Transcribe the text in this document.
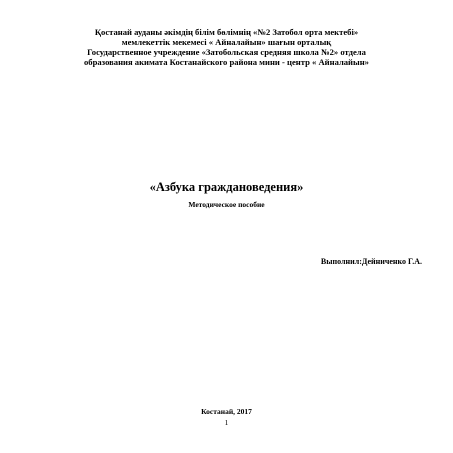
Қостанай ауданы әкімдің білім бөлімнің «№2 Затобол орта мектебі»
мемлекеттік мекемесі « Айналайын» шағын орталық
Государственное учреждение «Затобольская средняя школа №2» отдела
образования акимата Костанайского района мини - центр « Айналайын»
«Азбука граждановедения»
Методическое пособие
Выполнил:Дейниченко Г.А.
Костанай, 2017
1
